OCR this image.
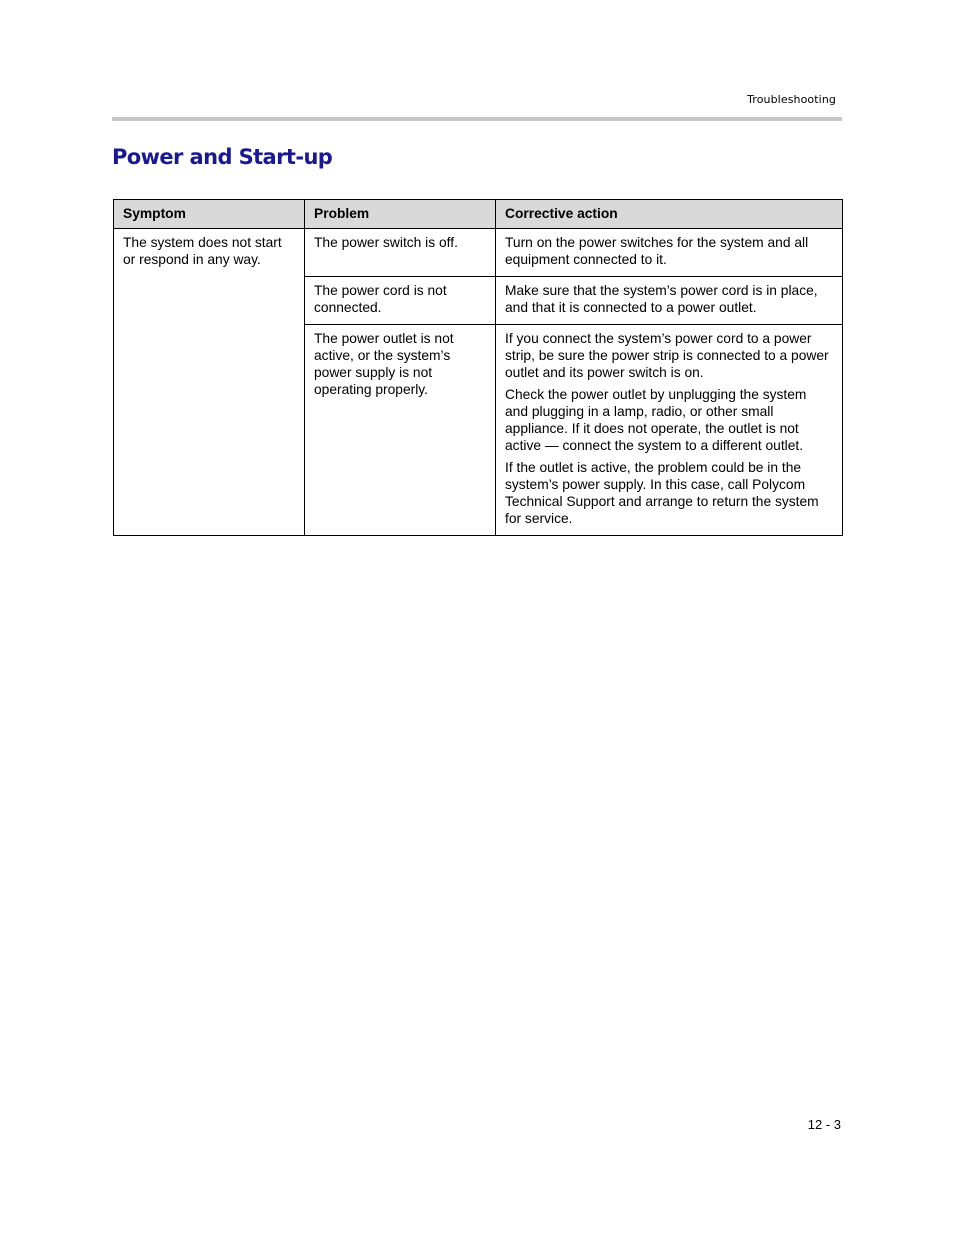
Troubleshooting
Power and Start-up
Symptom	Problem	Corrective action
The system does not start or respond in any way.	The power switch is off.	Turn on the power switches for the system and all equipment connected to it.

	The power cord is not connected.	Make sure that the system’s power cord is in place, and that it is connected to a power outlet.

	The power outlet is not active, or the system’s power supply is not operating properly.	If you connect the system’s power cord to a power strip, be sure the power strip is connected to a power outlet and its power switch is on.

Check the power outlet by unplugging the system and plugging in a lamp, radio, or other small appliance. If it does not operate, the outlet is not active — connect the system to a different outlet.

If the outlet is active, the problem could be in the system’s power supply. In this case, call Polycom Technical Support and arrange to return the system for service.

12 - 3
